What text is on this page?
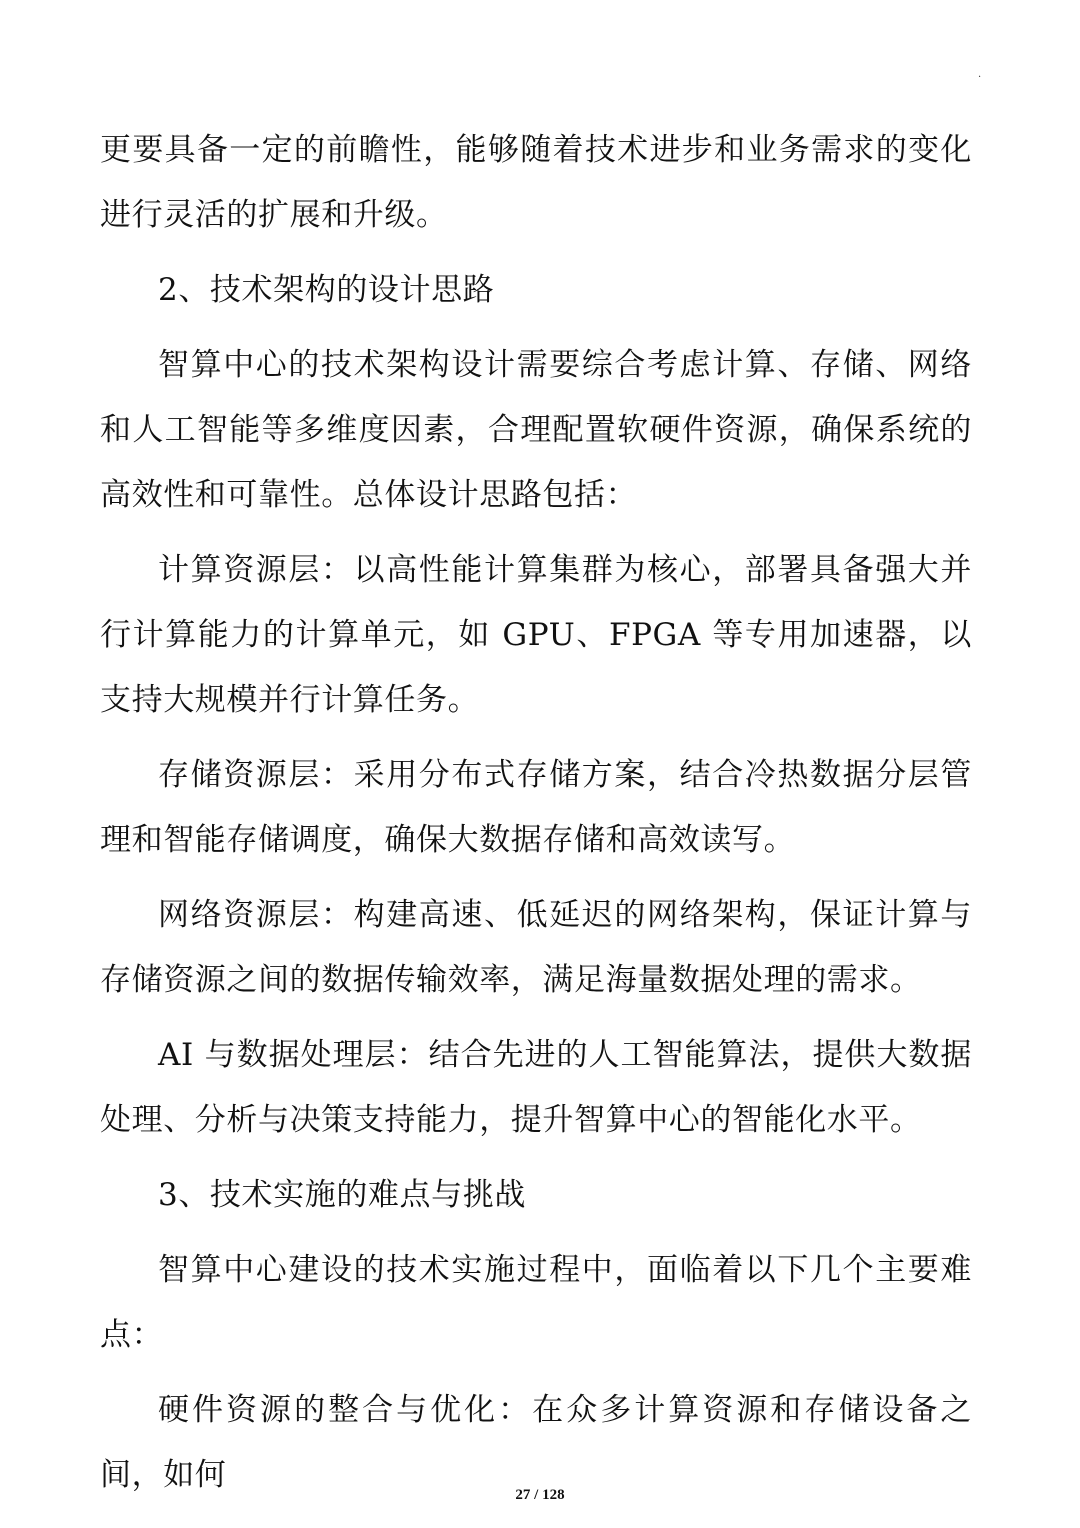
.

更要具备一定的前瞻性，能够随着技术进步和业务需求的变化进行灵活的扩展和升级。

2、技术架构的设计思路

智算中心的技术架构设计需要综合考虑计算、存储、网络和人工智能等多维度因素，合理配置软硬件资源，确保系统的高效性和可靠性。总体设计思路包括：

计算资源层：以高性能计算集群为核心，部署具备强大并行计算能力的计算单元，如 GPU、FPGA 等专用加速器，以支持大规模并行计算任务。

存储资源层：采用分布式存储方案，结合冷热数据分层管理和智能存储调度，确保大数据存储和高效读写。

网络资源层：构建高速、低延迟的网络架构，保证计算与存储资源之间的数据传输效率，满足海量数据处理的需求。

AI 与数据处理层：结合先进的人工智能算法，提供大数据处理、分析与决策支持能力，提升智算中心的智能化水平。

3、技术实施的难点与挑战

智算中心建设的技术实施过程中，面临着以下几个主要难点：

硬件资源的整合与优化：在众多计算资源和存储设备之间，如何

27 / 128
